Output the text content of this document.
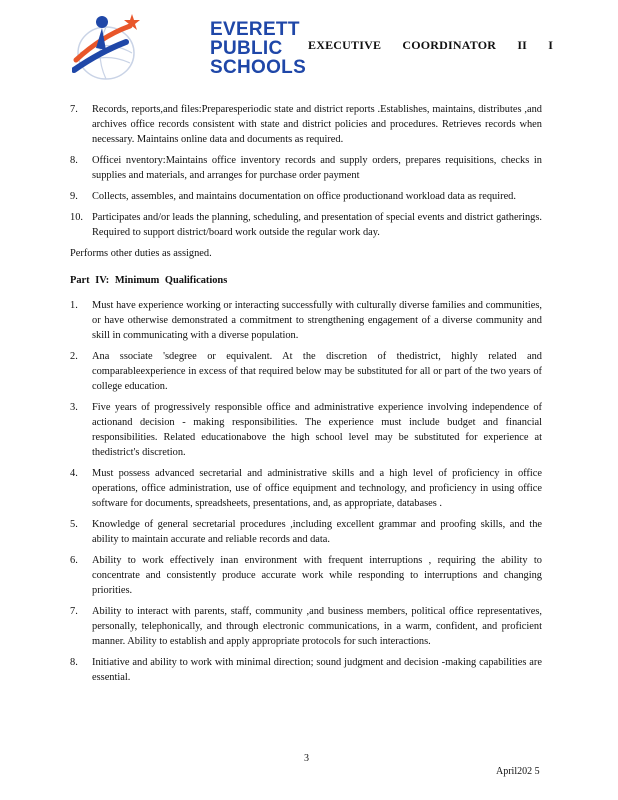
EVERETT
PUBLIC
SCHOOLS
EXECUTIVE COORDINATOR II I
7. Records, reports,and files:Preparesperiodic state and district reports .Establishes, maintains, distributes ,and archives office records consistent with state and district policies and procedures. Retrieves records when necessary. Maintains online data and documents as required.
8. Officei nventory:Maintains office inventory records and supply orders, prepares requisitions, checks in supplies and materials, and arranges for purchase order payment
9. Collects, assembles, and maintains documentation on office productionand workload data as required.
10. Participates and/or leads the planning, scheduling, and presentation of special events and district gatherings. Required to support district/board work outside the regular work day.

Performs other duties as assigned.

Part IV: Minimum Qualifications

1. Must have experience working or interacting successfully with culturally diverse families and communities, or have otherwise demonstrated a commitment to strengthening engagement of a diverse community and skill in communicating with a diverse population.
2. Ana ssociate 'sdegree or equivalent. At the discretion of thedistrict, highly related and comparableexperience in excess of that required below may be substituted for all or part of the two years of college education.
3. Five years of progressively responsible office and administrative experience involving independence of actionand decision - making responsibilities. The experience must include budget and financial responsibilities. Related educationabove the high school level may be substituted for experience at thedistrict's discretion.
4. Must possess advanced secretarial and administrative skills and a high level of proficiency in office operations, office administration, use of office equipment and technology, and proficiency in using office software for documents, spreadsheets, presentations, and, as appropriate, databases .
5. Knowledge of general secretarial procedures ,including excellent grammar and proofing skills, and the ability to maintain accurate and reliable records and data.
6. Ability to work effectively inan environment with frequent interruptions , requiring the ability to concentrate and consistently produce accurate work while responding to interruptions and changing priorities.
7. Ability to interact with parents, staff, community ,and business members, political office representatives, personally, telephonically, and through electronic communications, in a warm, confident, and proficient manner. Ability to establish and apply appropriate protocols for such interactions.
8. Initiative and ability to work with minimal direction; sound judgment and decision -making capabilities are essential.
3
April202 5
